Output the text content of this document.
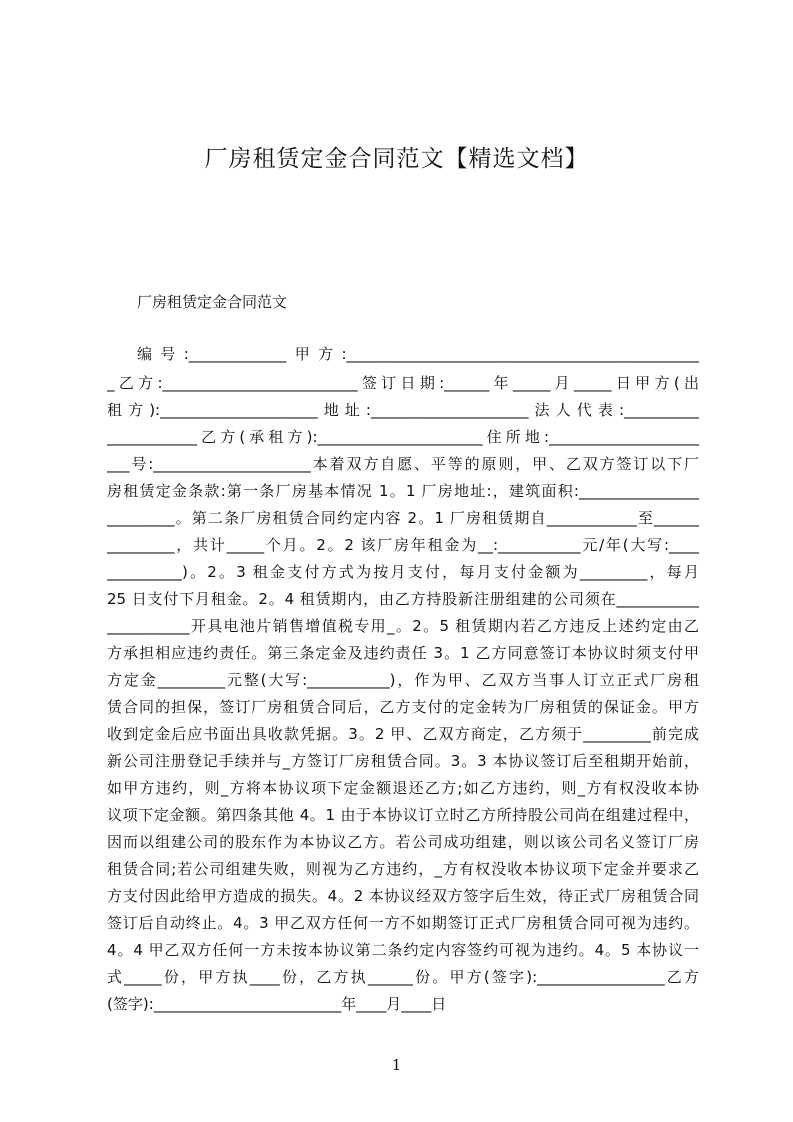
厂房租赁定金合同范文【精选文档】

厂房租赁定金合同范文

编号:_____________甲方:_______________________________________________

_乙方:__________________________签订日期:______年_____月_____日甲方(出

租方):_____________________地址:_____________________法人代表:__________

____________乙方(承租方):______________________住所地:____________________

___号:_____________________本着双方自愿、平等的原则，甲、乙双方签订以下厂

房租赁定金条款:第一条厂房基本情况 1。1 厂房地址:，建筑面积:________________

_________。第二条厂房租赁合同约定内容 2。1 厂房租赁期自____________至______

_________，共计_____个月。2。2 该厂房年租金为__:___________元/年(大写:____

__________)。2。3 租金支付方式为按月支付，每月支付金额为_________，每月

25 日支付下月租金。2。4 租赁期内，由乙方持股新注册组建的公司须在___________

___________开具电池片销售增值税专用_。2。5 租赁期内若乙方违反上述约定由乙

方承担相应违约责任。第三条定金及违约责任 3。1 乙方同意签订本协议时须支付甲

方定金_________元整(大写:___________)，作为甲、乙双方当事人订立正式厂房租

赁合同的担保，签订厂房租赁合同后，乙方支付的定金转为厂房租赁的保证金。甲方

收到定金后应书面出具收款凭据。3。2 甲、乙双方商定，乙方须于_________前完成

新公司注册登记手续并与_方签订厂房租赁合同。3。3 本协议签订后至租期开始前，

如甲方违约，则_方将本协议项下定金额退还乙方;如乙方违约，则_方有权没收本协

议项下定金额。第四条其他 4。1 由于本协议订立时乙方所持股公司尚在组建过程中，

因而以组建公司的股东作为本协议乙方。若公司成功组建，则以该公司名义签订厂房

租赁合同;若公司组建失败，则视为乙方违约，_方有权没收本协议项下定金并要求乙

方支付因此给甲方造成的损失。4。2 本协议经双方签字后生效，待正式厂房租赁合同

签订后自动终止。4。3 甲乙双方任何一方不如期签订正式厂房租赁合同可视为违约。

4。4 甲乙双方任何一方未按本协议第二条约定内容签约可视为违约。4。5 本协议一

式_____份，甲方执____份，乙方执______份。甲方(签字):_________________乙方

(签字):_________________________年____月____日

1
